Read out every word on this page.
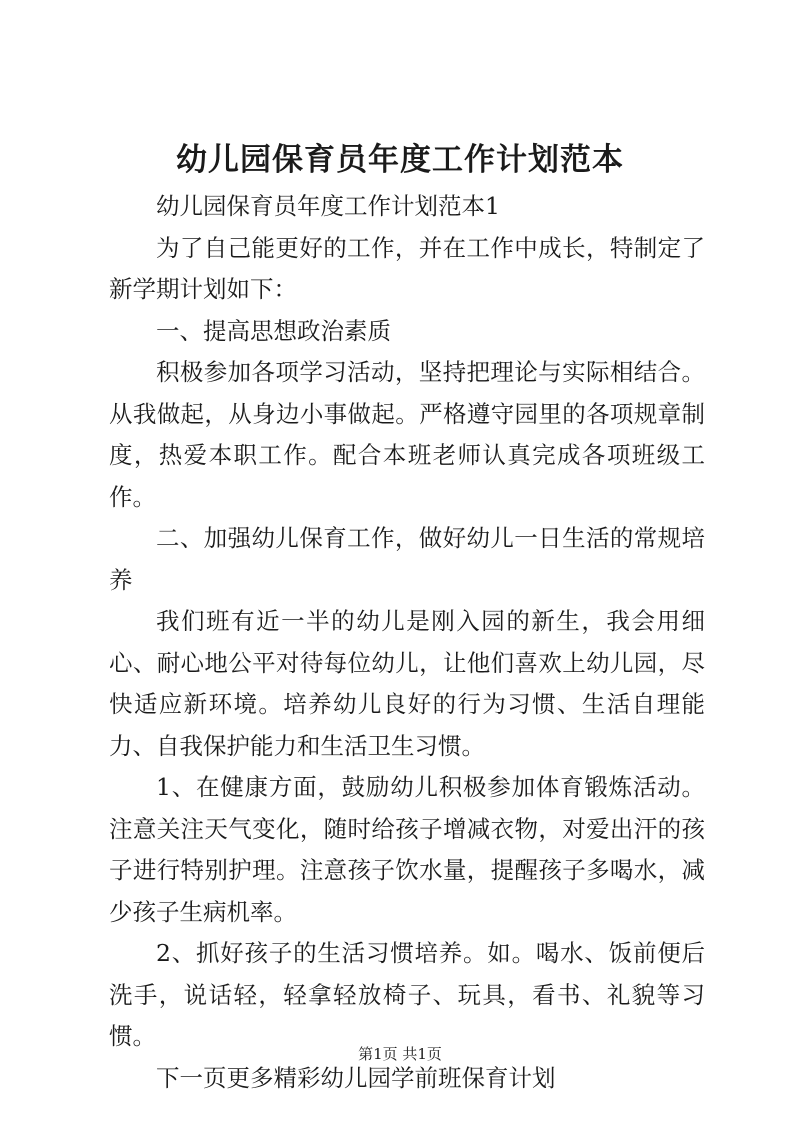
幼儿园保育员年度工作计划范本

幼儿园保育员年度工作计划范本1

为了自己能更好的工作，并在工作中成长，特制定了新学期计划如下：

一、提高思想政治素质

积极参加各项学习活动，坚持把理论与实际相结合。从我做起，从身边小事做起。严格遵守园里的各项规章制度，热爱本职工作。配合本班老师认真完成各项班级工作。

二、加强幼儿保育工作，做好幼儿一日生活的常规培养

我们班有近一半的幼儿是刚入园的新生，我会用细心、耐心地公平对待每位幼儿，让他们喜欢上幼儿园，尽快适应新环境。培养幼儿良好的行为习惯、生活自理能力、自我保护能力和生活卫生习惯。

1、在健康方面，鼓励幼儿积极参加体育锻炼活动。注意关注天气变化，随时给孩子增减衣物，对爱出汗的孩子进行特别护理。注意孩子饮水量，提醒孩子多喝水，减少孩子生病机率。

2、抓好孩子的生活习惯培养。如。喝水、饭前便后洗手，说话轻，轻拿轻放椅子、玩具，看书、礼貌等习惯。

下一页更多精彩幼儿园学前班保育计划

第1页 共1页
